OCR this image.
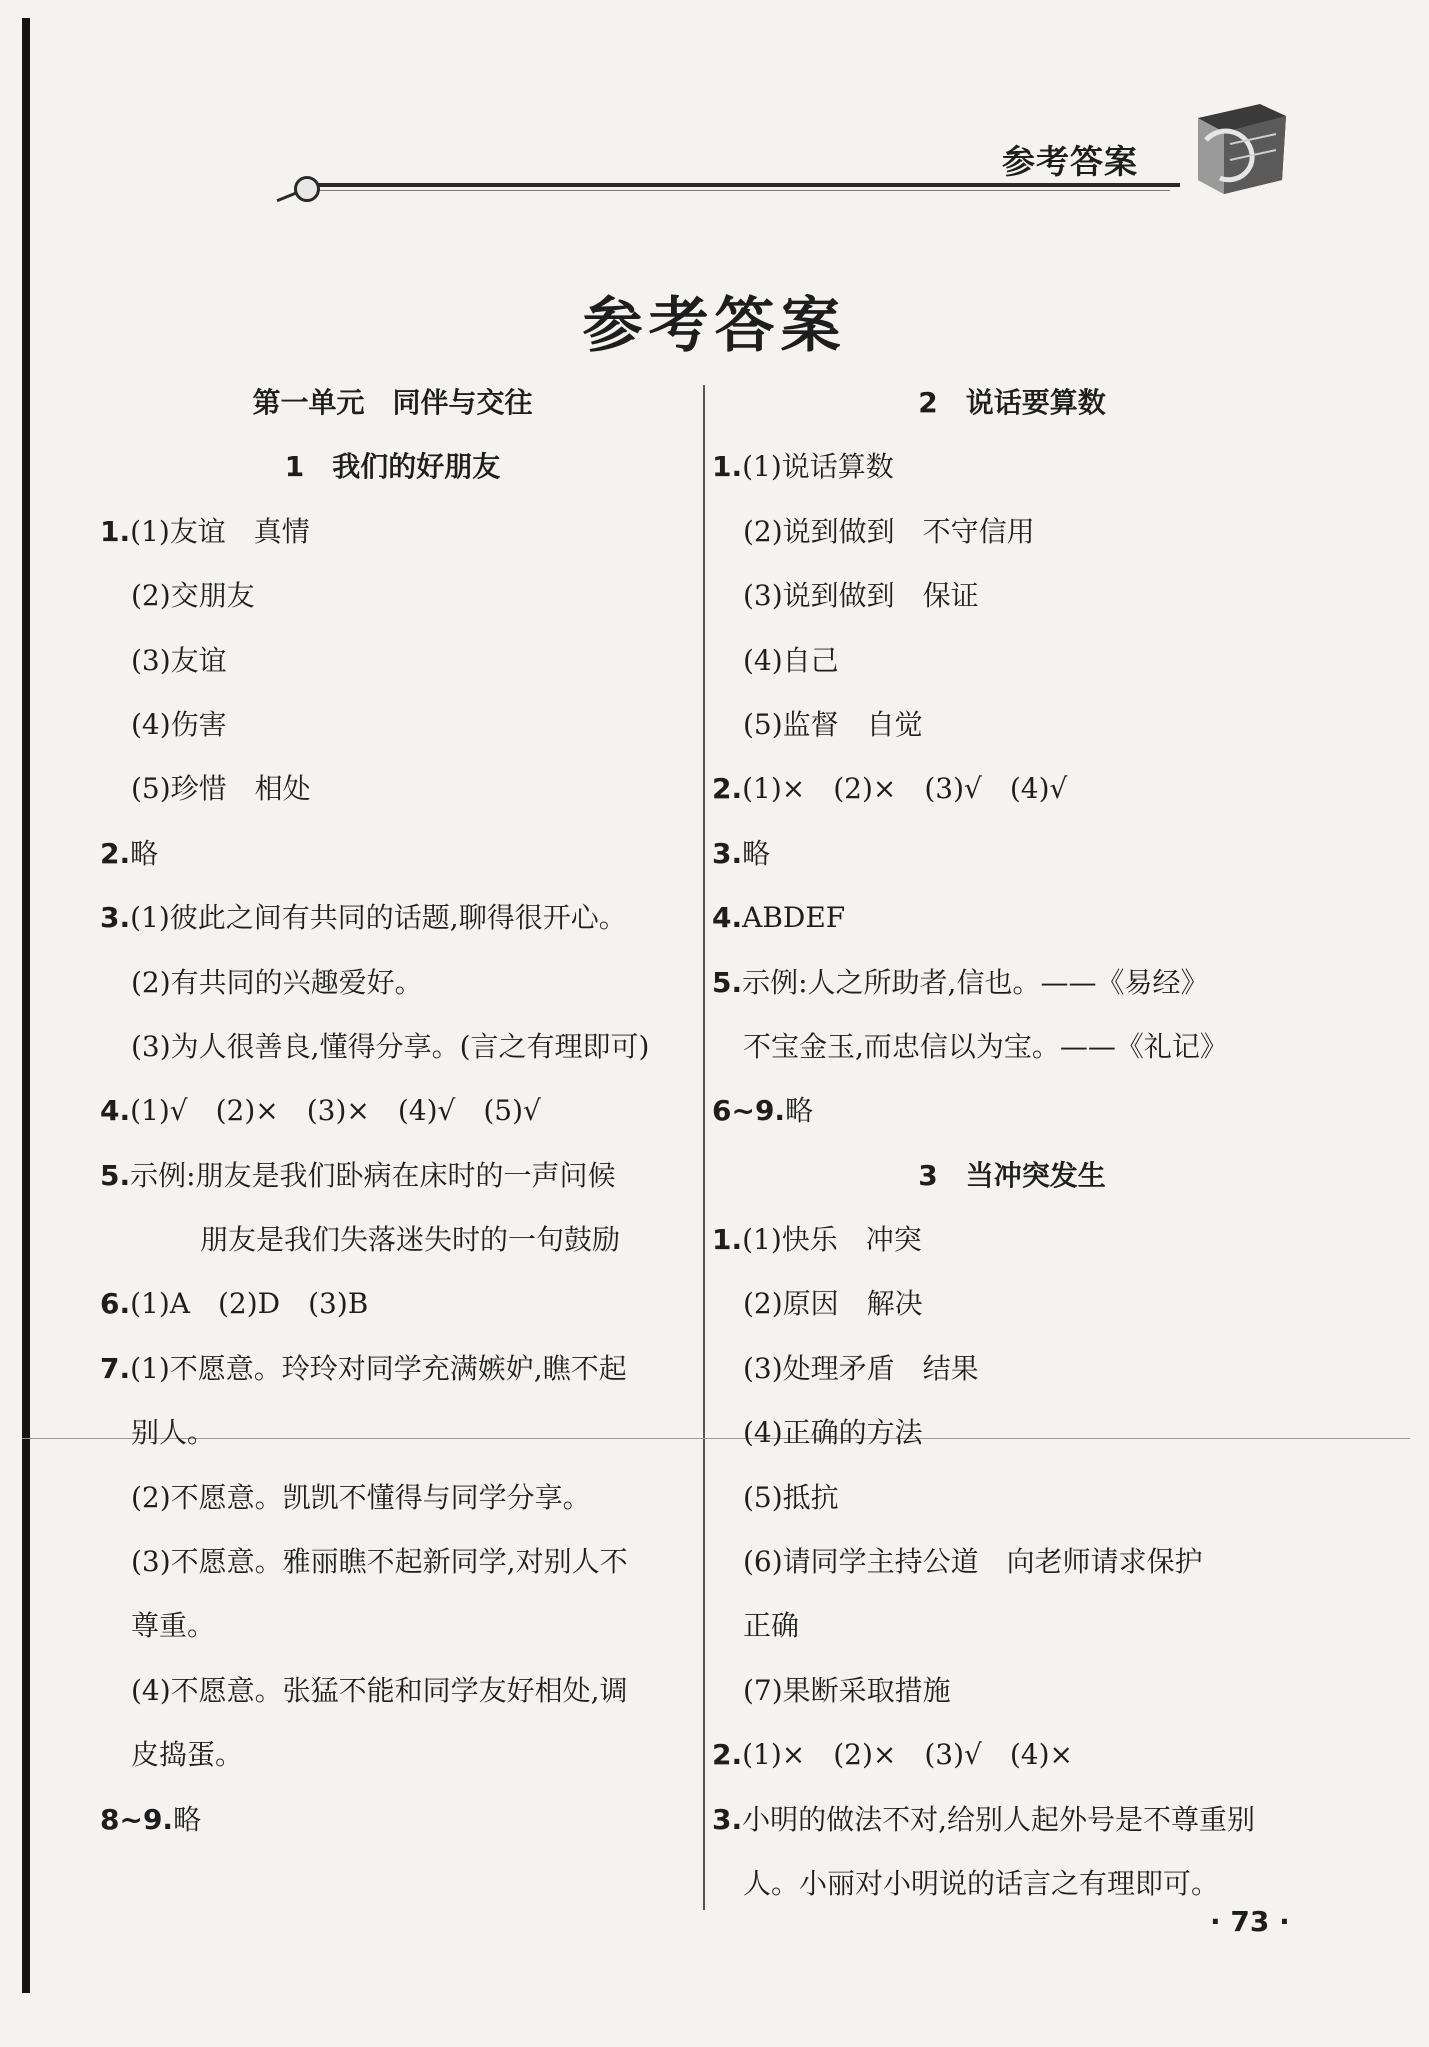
参考答案
参考答案
第一单元　同伴与交往
1　我们的好朋友
1.(1)友谊　真情
(2)交朋友
(3)友谊
(4)伤害
(5)珍惜　相处
2.略
3.(1)彼此之间有共同的话题,聊得很开心。
(2)有共同的兴趣爱好。
(3)为人很善良,懂得分享。(言之有理即可)
4.(1)√　(2)×　(3)×　(4)√　(5)√
5.示例:朋友是我们卧病在床时的一声问候
朋友是我们失落迷失时的一句鼓励
6.(1)A　(2)D　(3)B
7.(1)不愿意。玲玲对同学充满嫉妒,瞧不起
别人。
(2)不愿意。凯凯不懂得与同学分享。
(3)不愿意。雅丽瞧不起新同学,对别人不
尊重。
(4)不愿意。张猛不能和同学友好相处,调
皮捣蛋。
8~9.略
2　说话要算数
1.(1)说话算数
(2)说到做到　不守信用
(3)说到做到　保证
(4)自己
(5)监督　自觉
2.(1)×　(2)×　(3)√　(4)√
3.略
4.ABDEF
5.示例:人之所助者,信也。——《易经》
不宝金玉,而忠信以为宝。——《礼记》
6~9.略
3　当冲突发生
1.(1)快乐　冲突
(2)原因　解决
(3)处理矛盾　结果
(4)正确的方法
(5)抵抗
(6)请同学主持公道　向老师请求保护
正确
(7)果断采取措施
2.(1)×　(2)×　(3)√　(4)×
3.小明的做法不对,给别人起外号是不尊重别
人。小丽对小明说的话言之有理即可。
· 73 ·
